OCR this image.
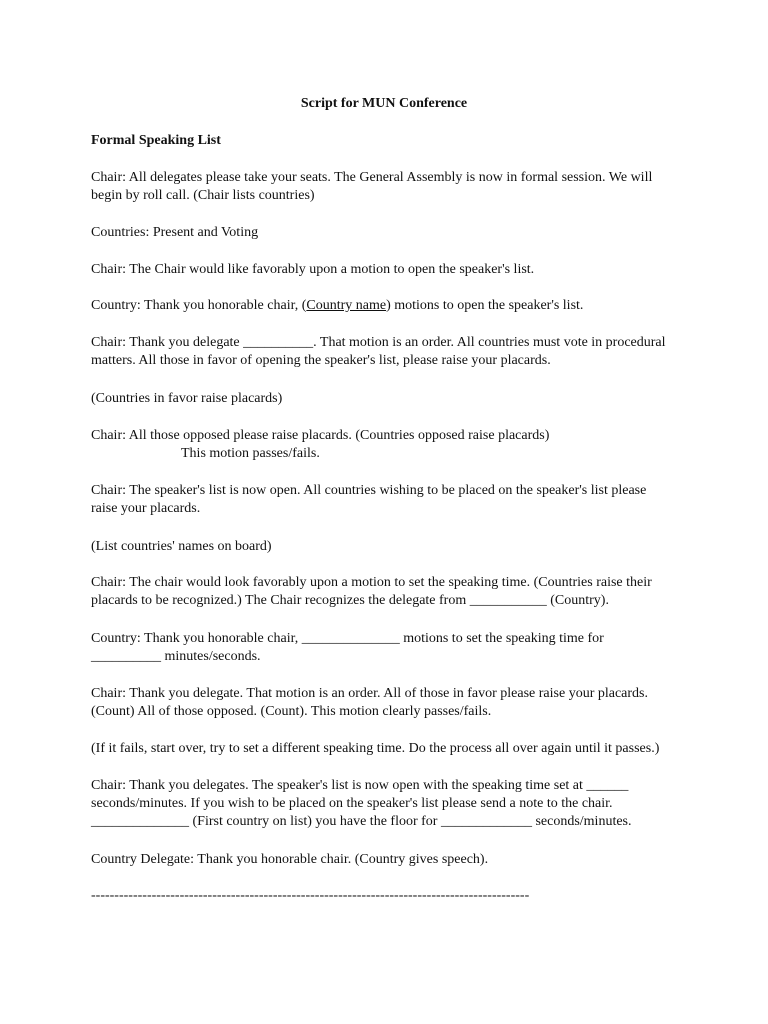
Script for MUN Conference
Formal Speaking List

Chair: All delegates please take your seats. The General Assembly is now in formal session. We will
begin by roll call. (Chair lists countries)

Countries: Present and Voting

Chair: The Chair would like favorably upon a motion to open the speaker's list.

Country: Thank you honorable chair, (Country name) motions to open the speaker's list.

Chair: Thank you delegate __________. That motion is an order. All countries must vote in procedural
matters. All those in favor of opening the speaker's list, please raise your placards.

(Countries in favor raise placards)

Chair: All those opposed please raise placards. (Countries opposed raise placards)
This motion passes/fails.

Chair: The speaker's list is now open. All countries wishing to be placed on the speaker's list please
raise your placards.

(List countries' names on board)

Chair: The chair would look favorably upon a motion to set the speaking time. (Countries raise their
placards to be recognized.) The Chair recognizes the delegate from ___________ (Country).

Country: Thank you honorable chair, ______________ motions to set the speaking time for
__________ minutes/seconds.

Chair: Thank you delegate. That motion is an order. All of those in favor please raise your placards.
(Count) All of those opposed. (Count). This motion clearly passes/fails.

(If it fails, start over, try to set a different speaking time. Do the process all over again until it passes.)

Chair: Thank you delegates. The speaker's list is now open with the speaking time set at ______
seconds/minutes. If you wish to be placed on the speaker's list please send a note to the chair.
______________ (First country on list) you have the floor for _____________ seconds/minutes.

Country Delegate: Thank you honorable chair. (Country gives speech).

----------------------------------------------------------------------------------------------
